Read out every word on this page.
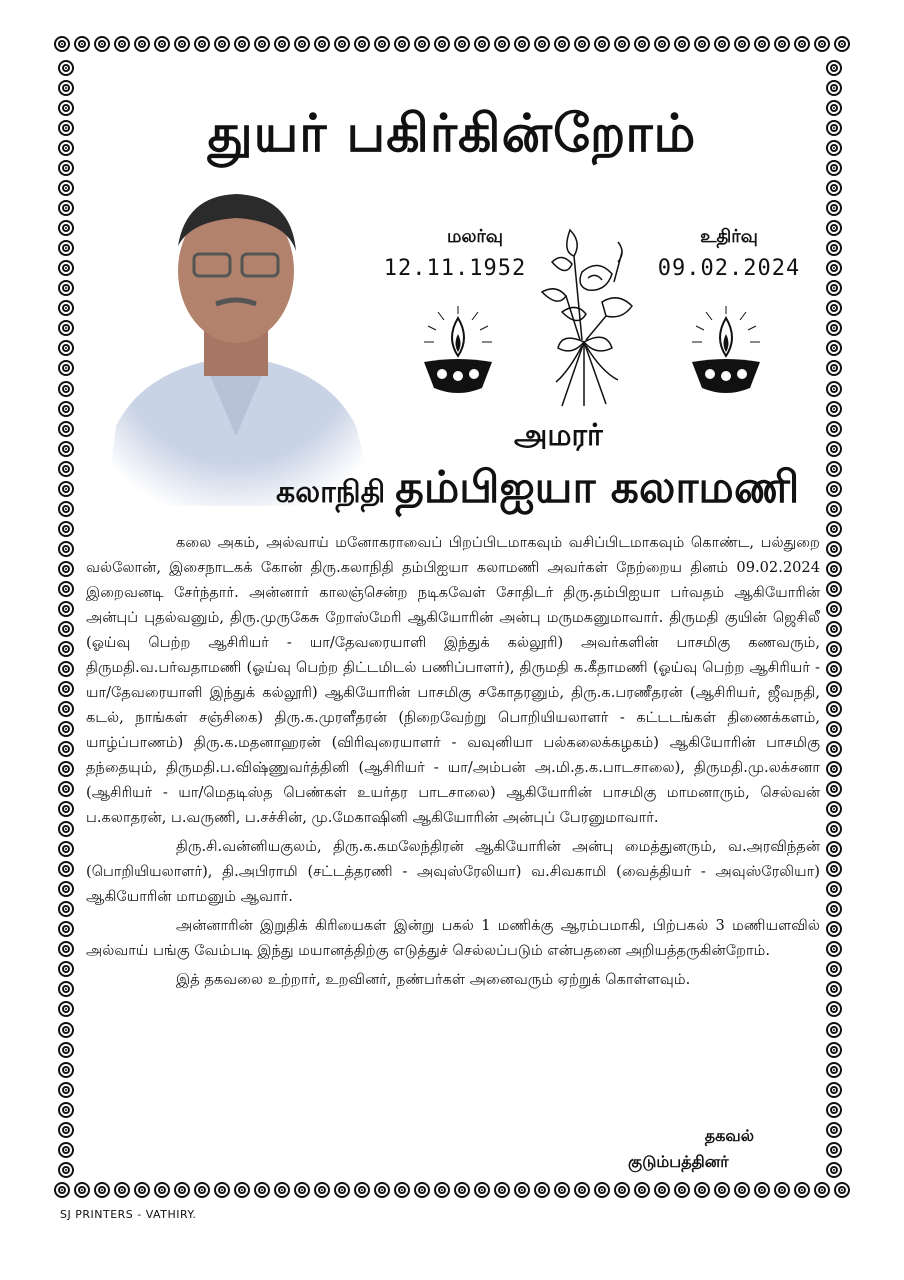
துயர் பகிர்கின்றோம்
மலர்வு
12.11.1952
உதிர்வு
09.02.2024
அமரர்
கலாநிதி தம்பிஐயா கலாமணி

கலை அகம், அல்வாய் மனோகராவைப் பிறப்பிடமாகவும் வசிப்பிடமாகவும் கொண்ட, பல்துறை வல்லோன், இசைநாடகக் கோன் திரு.கலாநிதி தம்பிஐயா கலாமணி அவர்கள் நேற்றைய தினம் 09.02.2024 இறைவனடி சேர்ந்தார். அன்னார் காலஞ்சென்ற நடிகவேள் சோதிடர் திரு.தம்பிஐயா பர்வதம் ஆகியோரின் அன்புப் புதல்வனும், திரு.முருகேசு றோஸ்மேரி ஆகியோரின் அன்பு மருமகனுமாவார். திருமதி குயின் ஜெசிலீ (ஓய்வு பெற்ற ஆசிரியர் - யா/தேவரையாளி இந்துக் கல்லூரி) அவர்களின் பாசமிகு கணவரும், திருமதி.வ.பர்வதாமணி (ஓய்வு பெற்ற திட்டமிடல் பணிப்பாளர்), திருமதி க.கீதாமணி (ஓய்வு பெற்ற ஆசிரியர் - யா/தேவரையாளி இந்துக் கல்லூரி) ஆகியோரின் பாசமிகு சகோதரனும், திரு.க.பரணீதரன் (ஆசிரியர், ஜீவநதி, கடல், நாங்கள் சஞ்சிகை) திரு.க.முரளீதரன் (நிறைவேற்று பொறியியலாளர் - கட்டடங்கள் திணைக்களம், யாழ்ப்பாணம்) திரு.க.மதனாஹரன் (விரிவுரையாளர் - வவுனியா பல்கலைக்கழகம்) ஆகியோரின் பாசமிகு தந்தையும், திருமதி.ப.விஷ்ணுவர்த்தினி (ஆசிரியர் - யா/அம்பன் அ.மி.த.க.பாடசாலை), திருமதி.மு.லக்சனா (ஆசிரியர் - யா/மெதடிஸ்த பெண்கள் உயர்தர பாடசாலை) ஆகியோரின் பாசமிகு மாமனாரும், செல்வன் ப.கலாதரன், ப.வருணி, ப.சச்சின், மு.மேகாஷினி ஆகியோரின் அன்புப் பேரனுமாவார்.

திரு.சி.வன்னியகுலம், திரு.க.கமலேந்திரன் ஆகியோரின் அன்பு மைத்துனரும், வ.அரவிந்தன் (பொறியியலாளர்), தி.அபிராமி (சட்டத்தரணி - அவுஸ்ரேலியா) வ.சிவகாமி (வைத்தியர் - அவுஸ்ரேலியா) ஆகியோரின் மாமனும் ஆவார்.

அன்னாரின் இறுதிக் கிரியைகள் இன்று பகல் 1 மணிக்கு ஆரம்பமாகி, பிற்பகல் 3 மணியளவில் அல்வாய் பங்கு வேம்படி இந்து மயானத்திற்கு எடுத்துச் செல்லப்படும் என்பதனை அறியத்தருகின்றோம்.

இத் தகவலை உற்றார், உறவினர், நண்பர்கள் அனைவரும் ஏற்றுக் கொள்ளவும்.

தகவல்
குடும்பத்தினர்
SJ PRINTERS - VATHIRY.
